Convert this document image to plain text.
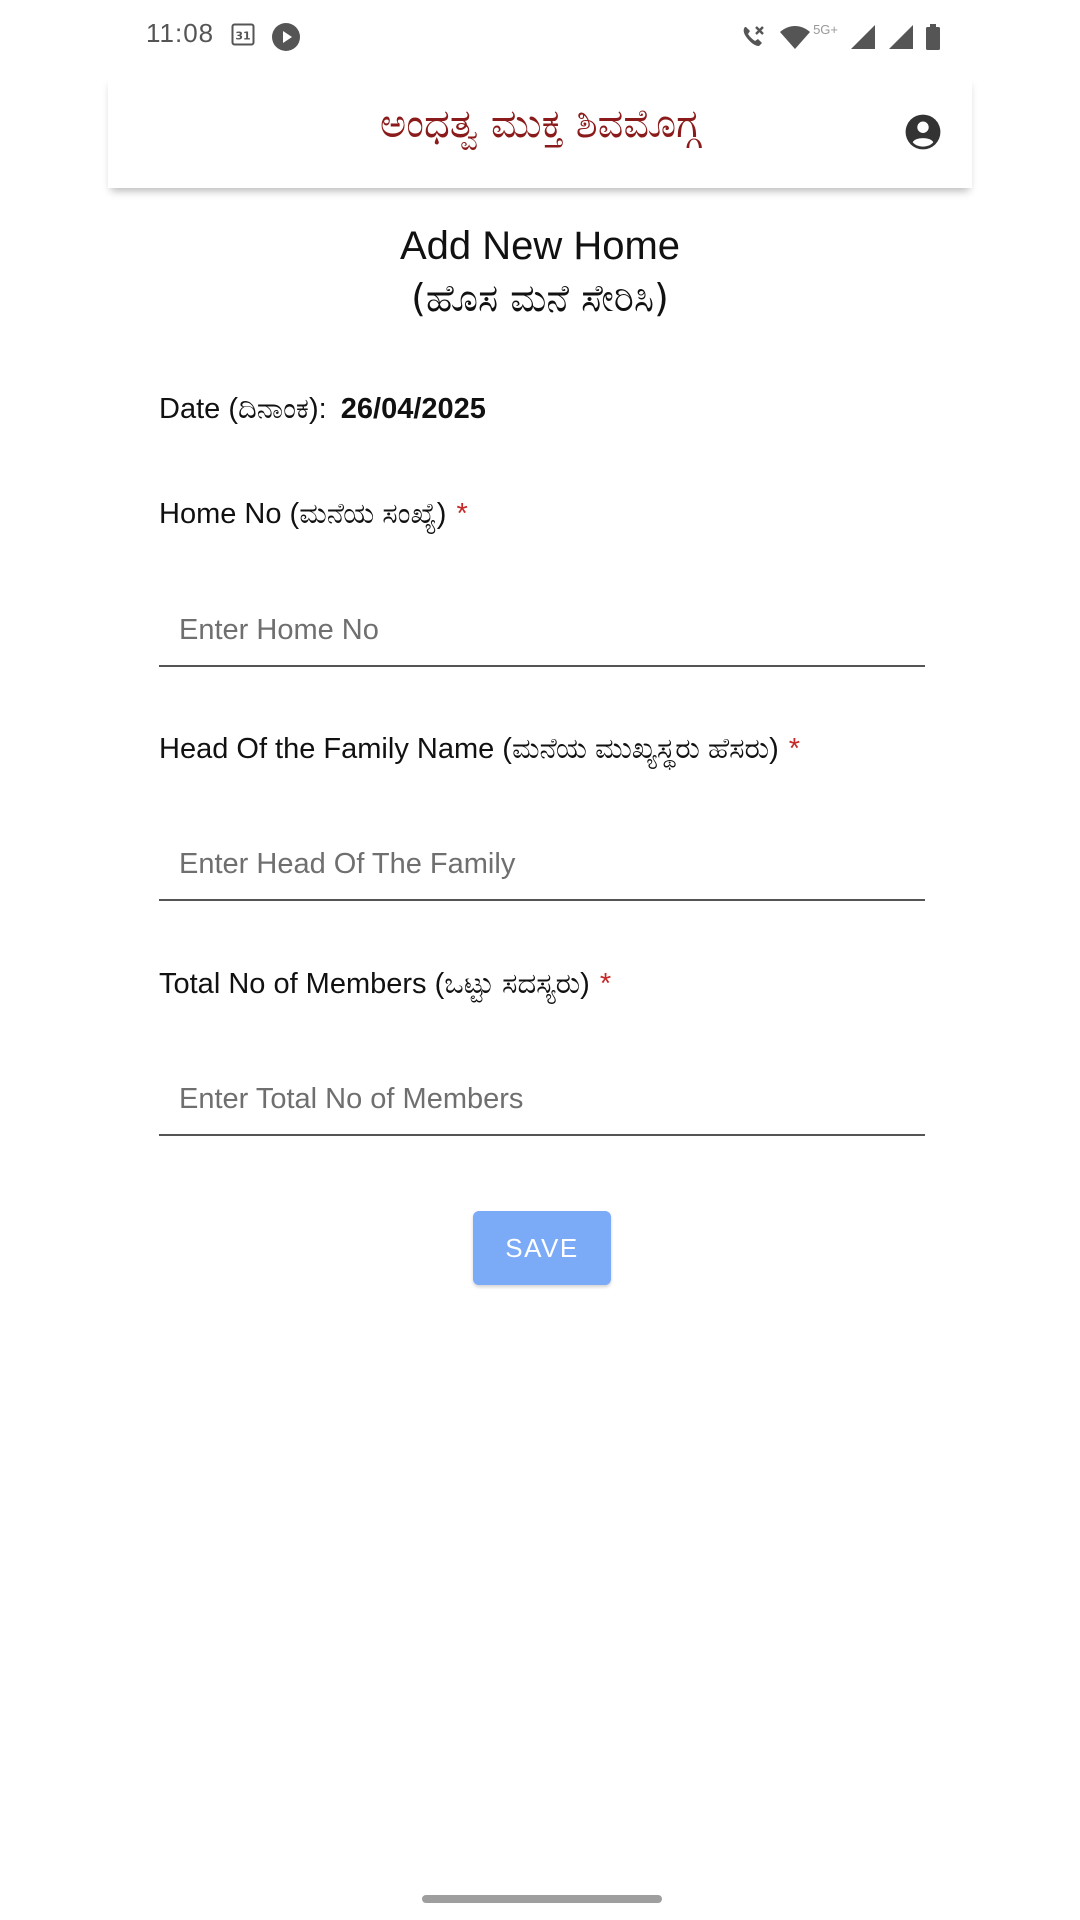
11:08 31	5G+
ಅಂಧತ್ವ ಮುಕ್ತ ಶಿವಮೊಗ್ಗ
Add New Home
(ಹೊಸ ಮನೆ ಸೇರಿಸಿ)
Date (ದಿನಾಂಕ): 26/04/2025
Home No (ಮನೆಯ ಸಂಖ್ಯೆ) *
Enter Home No
Head Of the Family Name (ಮನೆಯ ಮುಖ್ಯಸ್ಥರು ಹೆಸರು) *
Enter Head Of The Family
Total No of Members (ಒಟ್ಟು ಸದಸ್ಯರು) *
Enter Total No of Members
SAVE
